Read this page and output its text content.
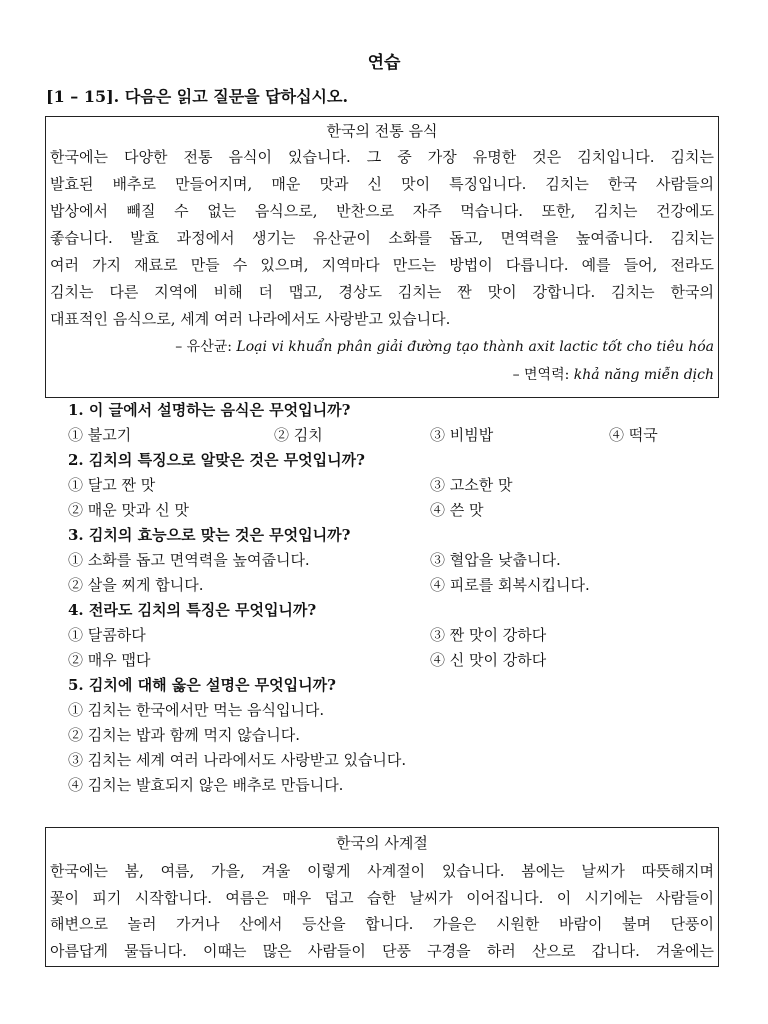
연습
[1 – 15]. 다음은 읽고 질문을 답하십시오.
한국의 전통 음식
한국에는 다양한 전통 음식이 있습니다. 그 중 가장 유명한 것은 김치입니다. 김치는
발효된 배추로 만들어지며, 매운 맛과 신 맛이 특징입니다. 김치는 한국 사람들의
밥상에서 빼질 수 없는 음식으로, 반찬으로 자주 먹습니다. 또한, 김치는 건강에도
좋습니다. 발효 과정에서 생기는 유산균이 소화를 돕고, 면역력을 높여줍니다. 김치는
여러 가지 재료로 만들 수 있으며, 지역마다 만드는 방법이 다릅니다. 예를 들어, 전라도
김치는 다른 지역에 비해 더 맵고, 경상도 김치는 짠 맛이 강합니다. 김치는 한국의
대표적인 음식으로, 세계 여러 나라에서도 사랑받고 있습니다.
– 유산균: Loại vi khuẩn phân giải đường tạo thành axit lactic tốt cho tiêu hóa
– 면역력: khả năng miễn dịch
1. 이 글에서 설명하는 음식은 무엇입니까?
① 불고기	② 김치	③ 비빔밥	④ 떡국
2. 김치의 특징으로 알맞은 것은 무엇입니까?
① 달고 짠 맛	③ 고소한 맛
② 매운 맛과 신 맛	④ 쓴 맛
3. 김치의 효능으로 맞는 것은 무엇입니까?
① 소화를 돕고 면역력을 높여줍니다.	③ 혈압을 낮춥니다.
② 살을 찌게 합니다.	④ 피로를 회복시킵니다.
4. 전라도 김치의 특징은 무엇입니까?
① 달콤하다	③ 짠 맛이 강하다
② 매우 맵다	④ 신 맛이 강하다
5. 김치에 대해 옳은 설명은 무엇입니까?
① 김치는 한국에서만 먹는 음식입니다.
② 김치는 밥과 함께 먹지 않습니다.
③ 김치는 세계 여러 나라에서도 사랑받고 있습니다.
④ 김치는 발효되지 않은 배추로 만듭니다.
한국의 사계절
한국에는 봄, 여름, 가을, 겨울 이렇게 사계절이 있습니다. 봄에는 날씨가 따뜻해지며
꽃이 피기 시작합니다. 여름은 매우 덥고 습한 날씨가 이어집니다. 이 시기에는 사람들이
해변으로 놀러 가거나 산에서 등산을 합니다. 가을은 시원한 바람이 불며 단풍이
아름답게 물듭니다. 이때는 많은 사람들이 단풍 구경을 하러 산으로 갑니다. 겨울에는
